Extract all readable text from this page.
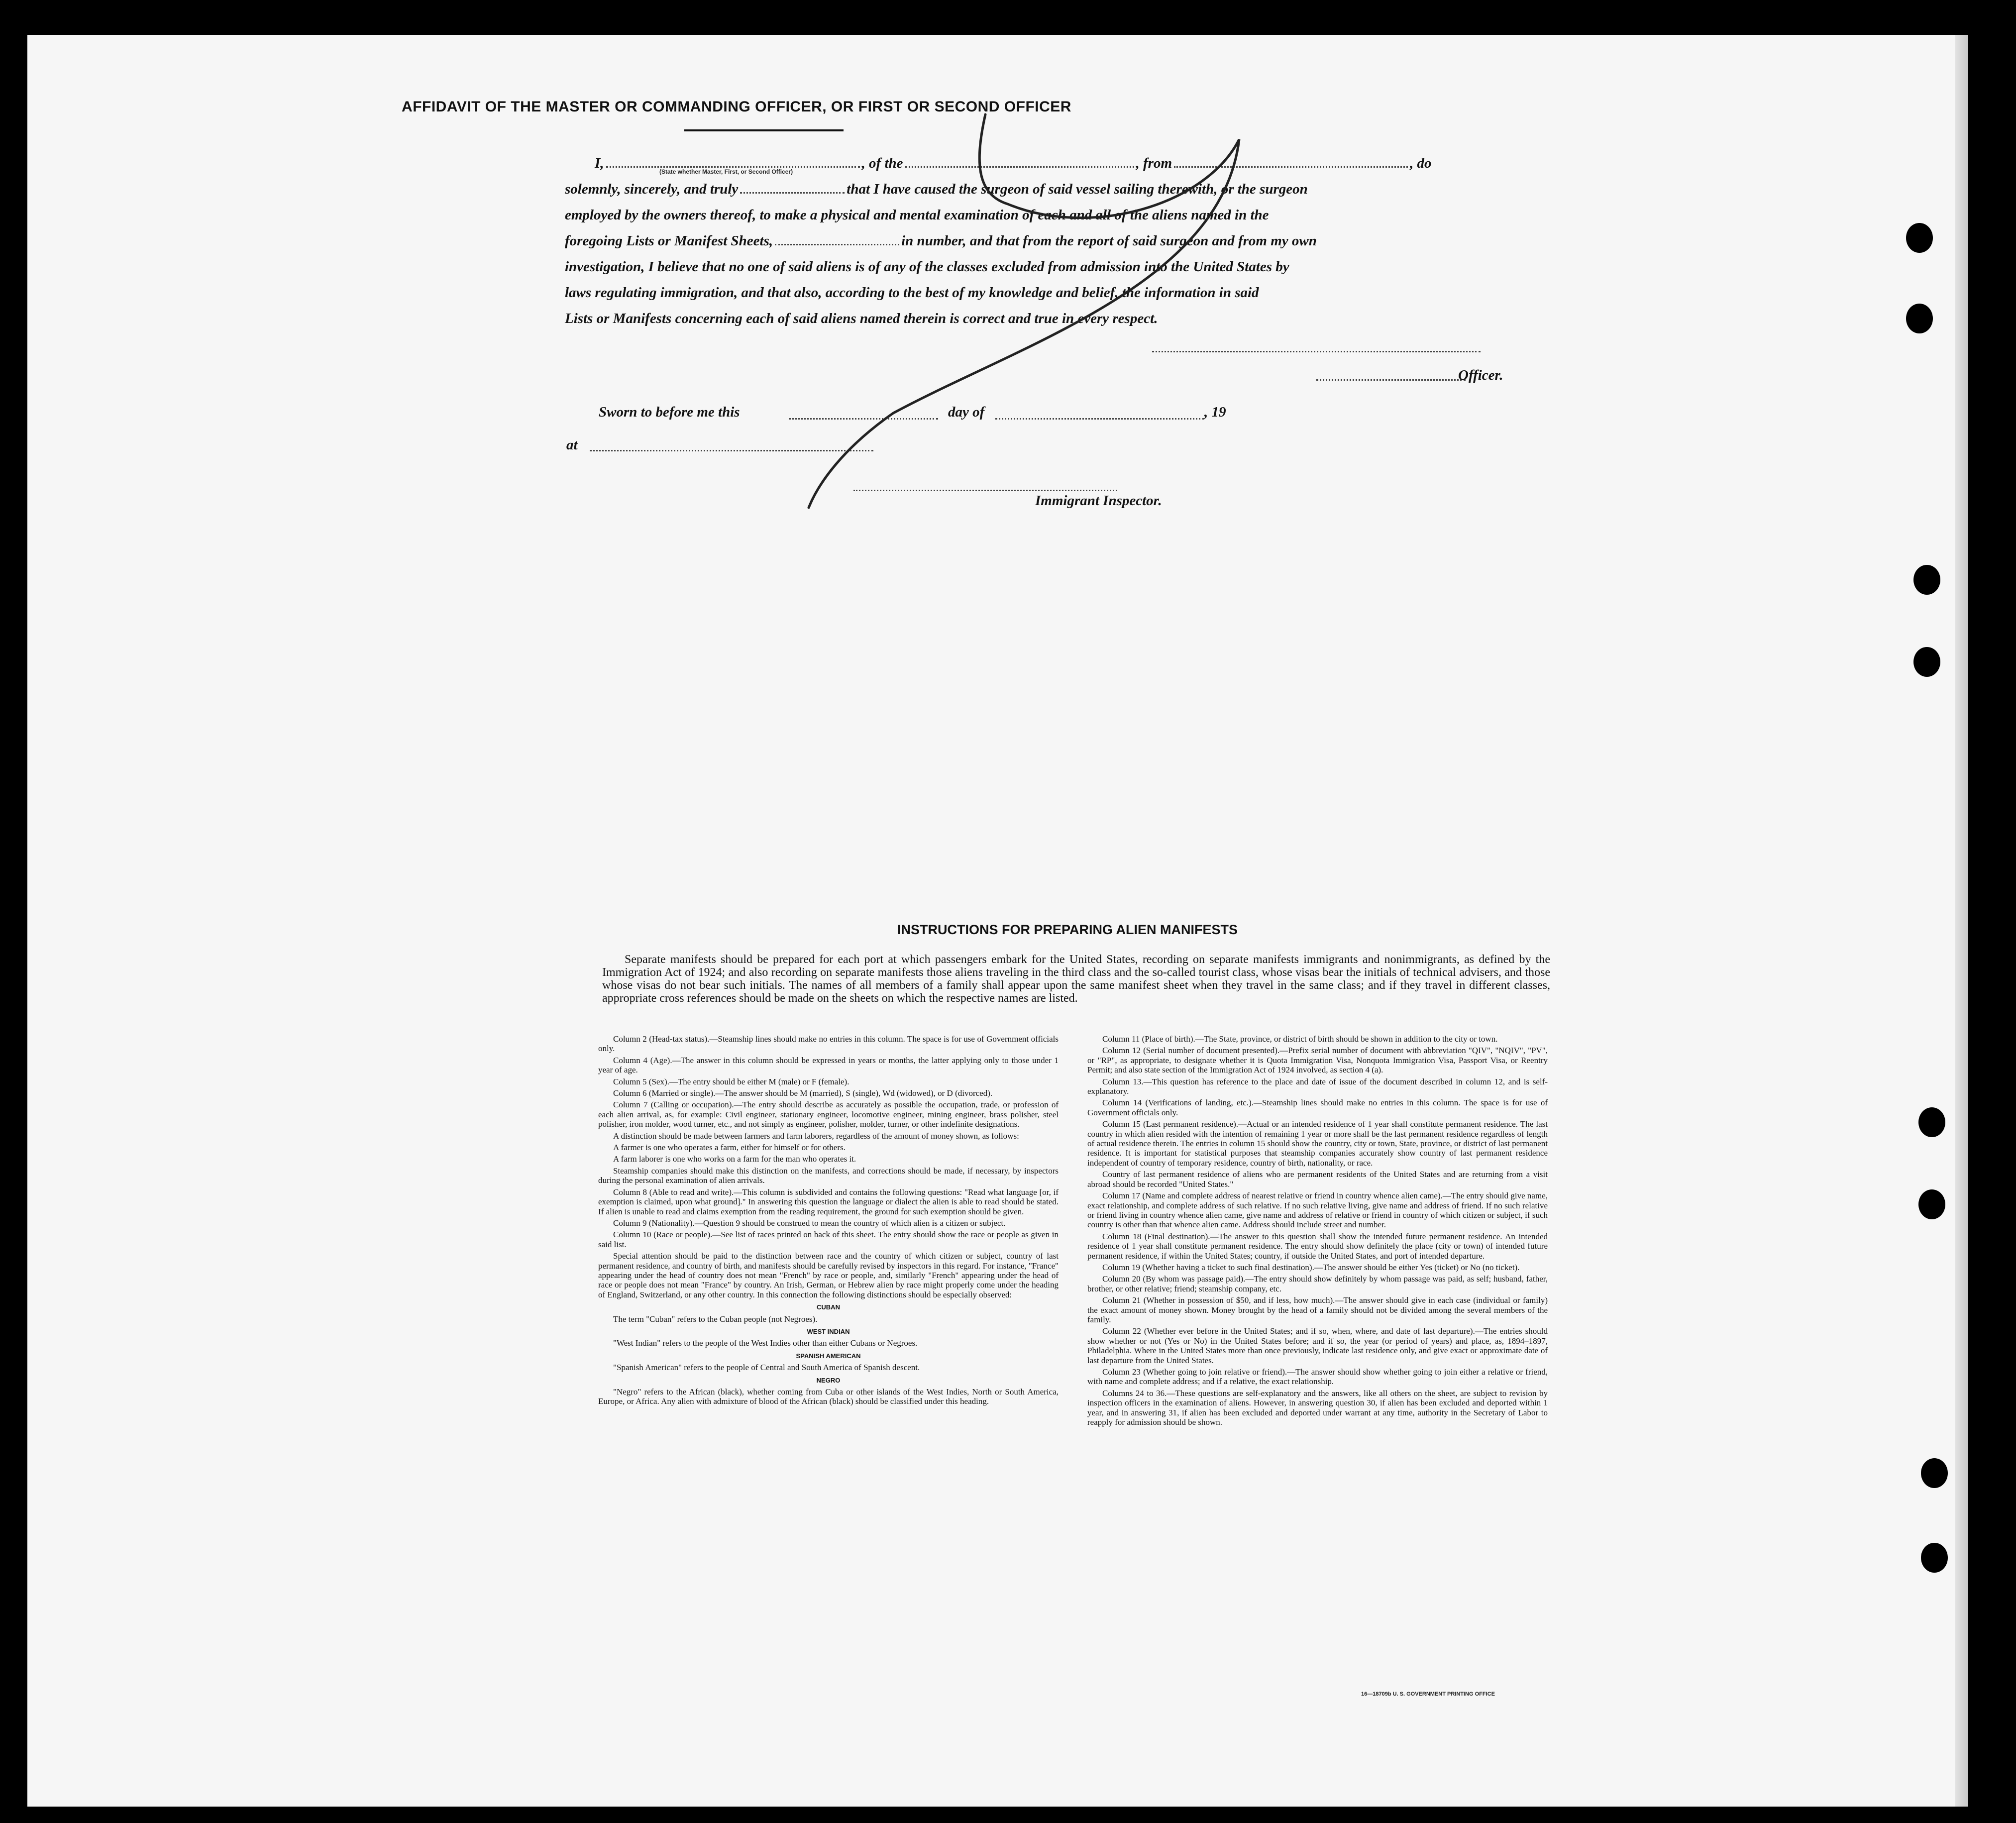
AFFIDAVIT OF THE MASTER OR COMMANDING OFFICER, OR FIRST OR SECOND OFFICER
I,	, of the	, from	, do
solemnly, sincerely, and truly	that I have caused the surgeon of said vessel sailing therewith, or the surgeon
employed by the owners thereof, to make a physical and mental examination of each and all of the aliens named in the
foregoing Lists or Manifest Sheets,	in number, and that from the report of said surgeon and from my own
investigation, I believe that no one of said aliens is of any of the classes excluded from admission into the United States by
laws regulating immigration, and that also, according to the best of my knowledge and belief, the information in said
Lists or Manifests concerning each of said aliens named therein is correct and true in every respect.
(State whether Master, First, or Second Officer)
Officer.
Sworn to before me this	day of	, 19
at
Immigrant Inspector.
INSTRUCTIONS FOR PREPARING ALIEN MANIFESTS
Separate manifests should be prepared for each port at which passengers embark for the United States, recording on separate manifests immigrants and nonimmigrants, as defined by the Immigration Act of 1924; and also recording on separate manifests those aliens traveling in the third class and the so-called tourist class, whose visas bear the initials of technical advisers, and those whose visas do not bear such initials. The names of all members of a family shall appear upon the same manifest sheet when they travel in the same class; and if they travel in different classes, appropriate cross references should be made on the sheets on which the respective names are listed.

Column 2 (Head-tax status).—Steamship lines should make no entries in this column. The space is for use of Government officials only.

Column 4 (Age).—The answer in this column should be expressed in years or months, the latter applying only to those under 1 year of age.

Column 5 (Sex).—The entry should be either M (male) or F (female).

Column 6 (Married or single).—The answer should be M (married), S (single), Wd (widowed), or D (divorced).

Column 7 (Calling or occupation).—The entry should describe as accurately as possible the occupation, trade, or profession of each alien arrival, as, for example: Civil engineer, stationary engineer, locomotive engineer, mining engineer, brass polisher, steel polisher, iron molder, wood turner, etc., and not simply as engineer, polisher, molder, turner, or other indefinite designations.

A distinction should be made between farmers and farm laborers, regardless of the amount of money shown, as follows:

A farmer is one who operates a farm, either for himself or for others.

A farm laborer is one who works on a farm for the man who operates it.

Steamship companies should make this distinction on the manifests, and corrections should be made, if necessary, by inspectors during the personal examination of alien arrivals.

Column 8 (Able to read and write).—This column is subdivided and contains the following questions: "Read what language [or, if exemption is claimed, upon what ground]." In answering this question the language or dialect the alien is able to read should be stated. If alien is unable to read and claims exemption from the reading requirement, the ground for such exemption should be given.

Column 9 (Nationality).—Question 9 should be construed to mean the country of which alien is a citizen or subject.

Column 10 (Race or people).—See list of races printed on back of this sheet. The entry should show the race or people as given in said list.

Special attention should be paid to the distinction between race and the country of which citizen or subject, country of last permanent residence, and country of birth, and manifests should be carefully revised by inspectors in this regard. For instance, "France" appearing under the head of country does not mean "French" by race or people, and, similarly "French" appearing under the head of race or people does not mean "France" by country. An Irish, German, or Hebrew alien by race might properly come under the heading of England, Switzerland, or any other country. In this connection the following distinctions should be especially observed:

CUBAN

The term "Cuban" refers to the Cuban people (not Negroes).

WEST INDIAN

"West Indian" refers to the people of the West Indies other than either Cubans or Negroes.

SPANISH AMERICAN

"Spanish American" refers to the people of Central and South America of Spanish descent.

NEGRO

"Negro" refers to the African (black), whether coming from Cuba or other islands of the West Indies, North or South America, Europe, or Africa. Any alien with admixture of blood of the African (black) should be classified under this heading.

Column 11 (Place of birth).—The State, province, or district of birth should be shown in addition to the city or town.

Column 12 (Serial number of document presented).—Prefix serial number of document with abbreviation "QIV", "NQIV", "PV", or "RP", as appropriate, to designate whether it is Quota Immigration Visa, Nonquota Immigration Visa, Passport Visa, or Reentry Permit; and also state section of the Immigration Act of 1924 involved, as section 4 (a).

Column 13.—This question has reference to the place and date of issue of the document described in column 12, and is self-explanatory.

Column 14 (Verifications of landing, etc.).—Steamship lines should make no entries in this column. The space is for use of Government officials only.

Column 15 (Last permanent residence).—Actual or an intended residence of 1 year shall constitute permanent residence. The last country in which alien resided with the intention of remaining 1 year or more shall be the last permanent residence regardless of length of actual residence therein. The entries in column 15 should show the country, city or town, State, province, or district of last permanent residence. It is important for statistical purposes that steamship companies accurately show country of last permanent residence independent of country of temporary residence, country of birth, nationality, or race.

Country of last permanent residence of aliens who are permanent residents of the United States and are returning from a visit abroad should be recorded "United States."

Column 17 (Name and complete address of nearest relative or friend in country whence alien came).—The entry should give name, exact relationship, and complete address of such relative. If no such relative living, give name and address of friend. If no such relative or friend living in country whence alien came, give name and address of relative or friend in country of which citizen or subject, if such country is other than that whence alien came. Address should include street and number.

Column 18 (Final destination).—The answer to this question shall show the intended future permanent residence. An intended residence of 1 year shall constitute permanent residence. The entry should show definitely the place (city or town) of intended future permanent residence, if within the United States; country, if outside the United States, and port of intended departure.

Column 19 (Whether having a ticket to such final destination).—The answer should be either Yes (ticket) or No (no ticket).

Column 20 (By whom was passage paid).—The entry should show definitely by whom passage was paid, as self; husband, father, brother, or other relative; friend; steamship company, etc.

Column 21 (Whether in possession of $50, and if less, how much).—The answer should give in each case (individual or family) the exact amount of money shown. Money brought by the head of a family should not be divided among the several members of the family.

Column 22 (Whether ever before in the United States; and if so, when, where, and date of last departure).—The entries should show whether or not (Yes or No) in the United States before; and if so, the year (or period of years) and place, as, 1894–1897, Philadelphia. Where in the United States more than once previously, indicate last residence only, and give exact or approximate date of last departure from the United States.

Column 23 (Whether going to join relative or friend).—The answer should show whether going to join either a relative or friend, with name and complete address; and if a relative, the exact relationship.

Columns 24 to 36.—These questions are self-explanatory and the answers, like all others on the sheet, are subject to revision by inspection officers in the examination of aliens. However, in answering question 30, if alien has been excluded and deported within 1 year, and in answering 31, if alien has been excluded and deported under warrant at any time, authority in the Secretary of Labor to reapply for admission should be shown.

16—18709b U. S. GOVERNMENT PRINTING OFFICE
